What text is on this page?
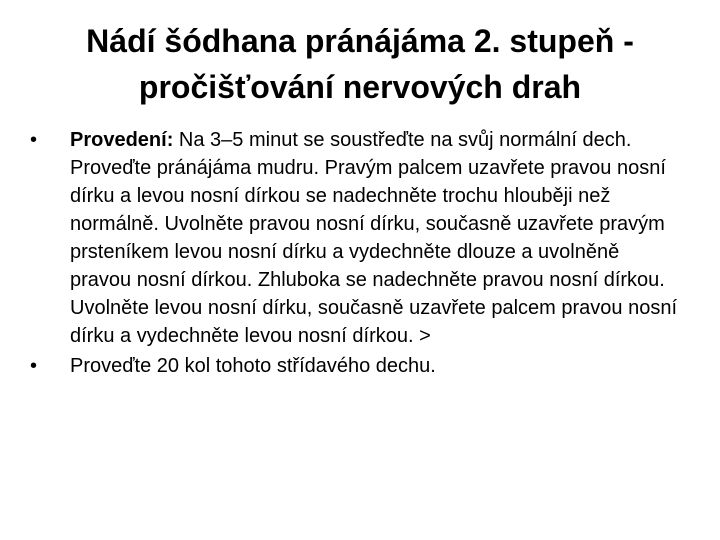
Nádí šódhana pránájáma 2. stupeň -
pročišťování nervových drah
•	Provedení: Na 3–5 minut se soustřeďte na svůj normální dech. Proveďte pránájáma mudru. Pravým palcem uzavřete pravou nosní dírku a levou nosní dírkou se nadechněte trochu hlouběji než normálně. Uvolněte pravou nosní dírku, současně uzavřete pravým prsteníkem levou nosní dírku a vydechněte dlouze a uvolněně pravou nosní dírkou. Zhluboka se nadechněte pravou nosní dírkou. Uvolněte levou nosní dírku, současně uzavřete palcem pravou nosní dírku a vydechněte levou nosní dírkou. >
•	Proveďte 20 kol tohoto střídavého dechu.
